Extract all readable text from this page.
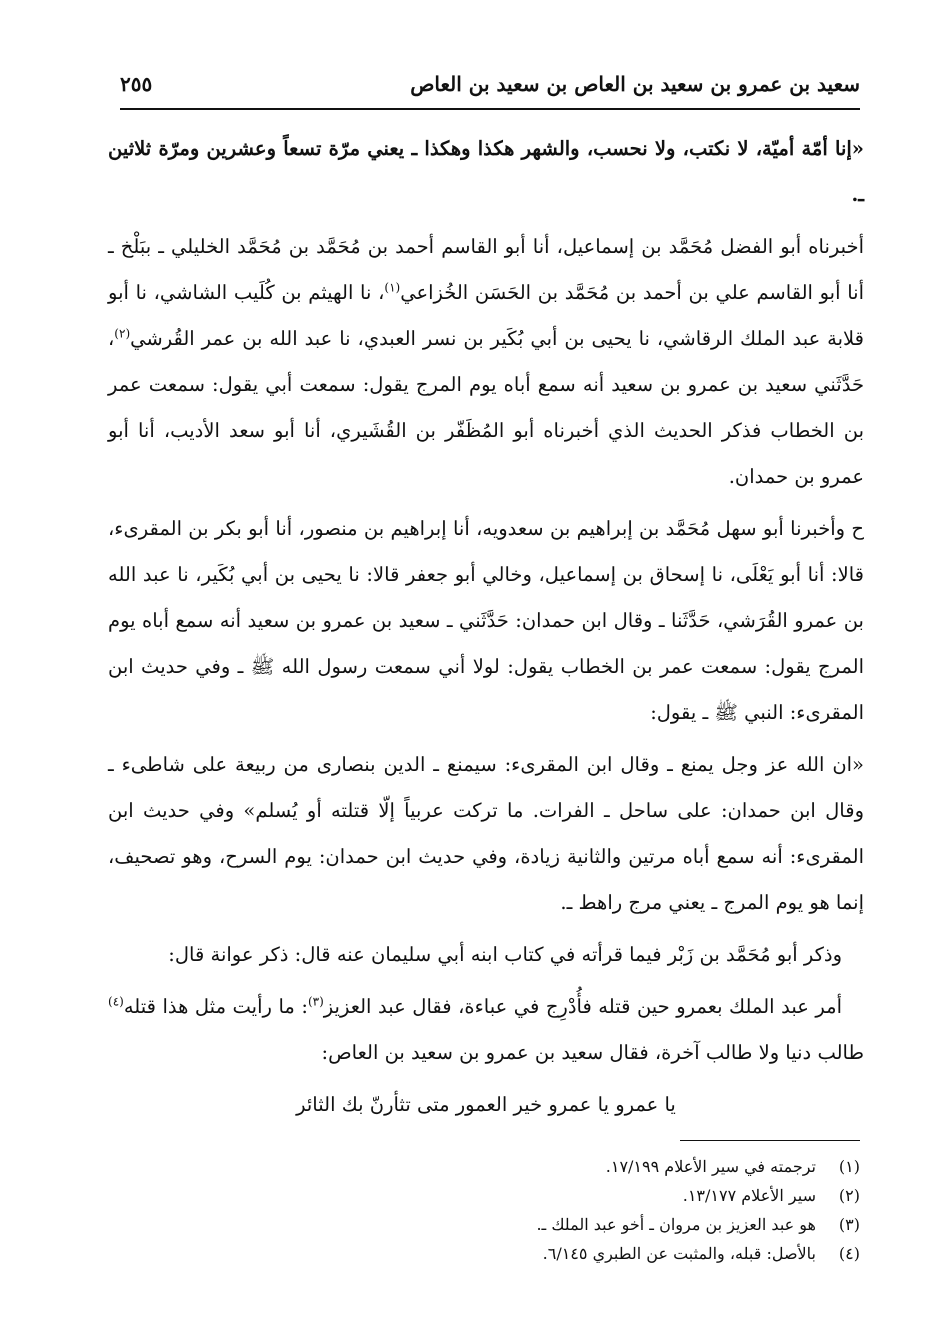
سعيد بن عمرو بن سعيد بن العاص بن سعيد بن العاص
٢٥٥

«إنا أمّة أميّة، لا نكتب، ولا نحسب، والشهر هكذا وهكذا ـ يعني مرّة تسعاً وعشرين ومرّة ثلاثين ـ.

أخبرناه أبو الفضل مُحَمَّد بن إسماعيل، أنا أبو القاسم أحمد بن مُحَمَّد بن مُحَمَّد الخليلي ـ ببَلْخ ـ أنا أبو القاسم علي بن أحمد بن مُحَمَّد بن الحَسَن الخُزاعي$^{(١)}$، نا الهيثم بن كُلَيب الشاشي، نا أبو قلابة عبد الملك الرقاشي، نا يحيى بن أبي بُكَير بن نسر العبدي، نا عبد الله بن عمر القُرشي$^{(٢)}$، حَدَّثَني سعيد بن عمرو بن سعيد أنه سمع أباه يوم المرج يقول: سمعت أبي يقول: سمعت عمر بن الخطاب فذكر الحديث الذي أخبرناه أبو المُظَفّر بن القُشَيري، أنا أبو سعد الأديب، أنا أبو عمرو بن حمدان.

ح وأخبرنا أبو سهل مُحَمَّد بن إبراهيم بن سعدويه، أنا إبراهيم بن منصور، أنا أبو بكر بن المقرىء، قالا: أنا أبو يَعْلَى، نا إسحاق بن إسماعيل، وخالي أبو جعفر قالا: نا يحيى بن أبي بُكَير، نا عبد الله بن عمرو القُرَشي، حَدَّثَنا ـ وقال ابن حمدان: حَدَّثَني ـ سعيد بن عمرو بن سعيد أنه سمع أباه يوم المرج يقول: سمعت عمر بن الخطاب يقول: لولا أني سمعت رسول الله ﷺ ـ وفي حديث ابن المقرىء: النبي ﷺ ـ يقول:

«ان الله عز وجل يمنع ـ وقال ابن المقرىء: سيمنع ـ الدين بنصارى من ربيعة على شاطىء ـ وقال ابن حمدان: على ساحل ـ الفرات. ما تركت عربياً إلّا قتلته أو يُسلم» وفي حديث ابن المقرىء: أنه سمع أباه مرتين والثانية زيادة، وفي حديث ابن حمدان: يوم السرح، وهو تصحيف، إنما هو يوم المرج ـ يعني مرج راهط ـ.

وذكر أبو مُحَمَّد بن زَبْر فيما قرأته في كتاب ابنه أبي سليمان عنه قال: ذكر عوانة قال:

أمر عبد الملك بعمرو حين قتله فأُدْرِج في عباءة، فقال عبد العزيز$^{(٣)}$: ما رأيت مثل هذا قتله$^{(٤)}$ طالب دنيا ولا طالب آخرة، فقال سعيد بن عمرو بن سعيد بن العاص:

يا عمرو يا عمرو خير العمور متى تثأرنّ بك الثائر

(١)
ترجمته في سير الأعلام ١٧/١٩٩.
(٢)
سير الأعلام ١٣/١٧٧.
(٣)
هو عبد العزيز بن مروان ـ أخو عبد الملك ـ.
(٤)
بالأصل: قبله، والمثبت عن الطبري ٦/١٤٥.
